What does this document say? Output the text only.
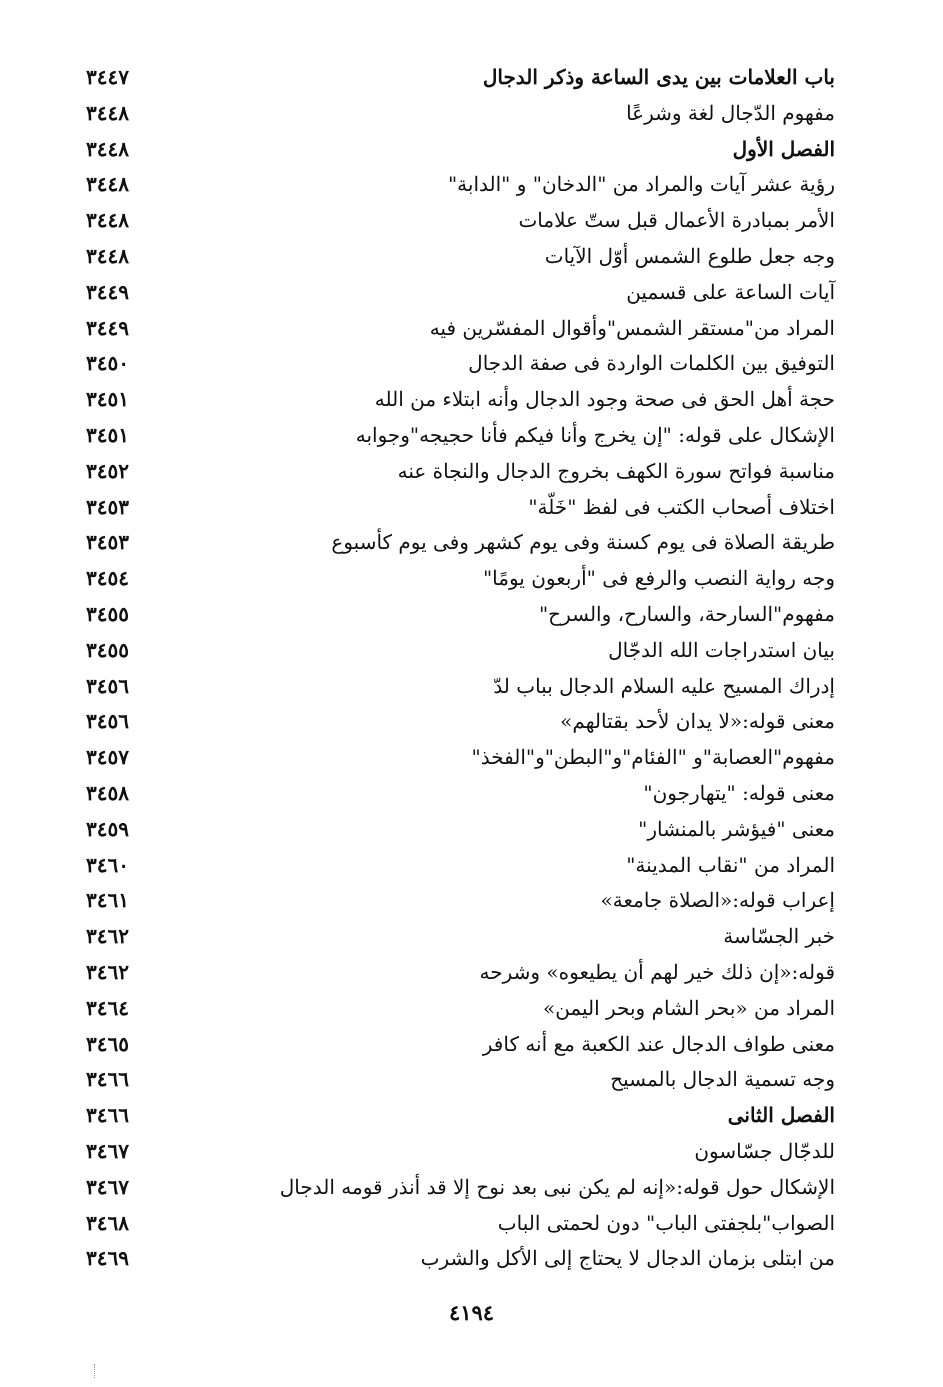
باب العلامات بين يدى الساعة وذكر الدجال
٣٤٤٧
مفهوم الدّجال لغة وشرعًا
٣٤٤٨
الفصل الأول
٣٤٤٨
رؤية عشر آيات والمراد من "الدخان" و "الدابة"
٣٤٤٨
الأمر بمبادرة الأعمال قبل ستّ علامات
٣٤٤٨
وجه جعل طلوع الشمس أوّل الآيات
٣٤٤٨
آيات الساعة على قسمين
٣٤٤٩
المراد من"مستقر الشمس"وأقوال المفسّرين فيه
٣٤٤٩
التوفيق بين الكلمات الواردة فى صفة الدجال
٣٤٥٠
حجة أهل الحق فى صحة وجود الدجال وأنه ابتلاء من الله
٣٤٥١
الإشكال على قوله: "إن يخرج وأنا فيكم فأنا حجيجه"وجوابه
٣٤٥١
مناسبة فواتح سورة الكهف بخروج الدجال والنجاة عنه
٣٤٥٢
اختلاف أصحاب الكتب فى لفظ "خَلّة"
٣٤٥٣
طريقة الصلاة فى يوم كسنة وفى يوم كشهر وفى يوم كأسبوع
٣٤٥٣
وجه رواية النصب والرفع فى "أربعون يومًا"
٣٤٥٤
مفهوم"السارحة، والسارح، والسرح"
٣٤٥٥
بيان استدراجات الله الدجّال
٣٤٥٥
إدراك المسيح عليه السلام الدجال بباب لدّ
٣٤٥٦
معنى قوله:«لا يدان لأحد بقتالهم»
٣٤٥٦
مفهوم"العصابة"و "الفئام"و"البطن"و"الفخذ"
٣٤٥٧
معنى قوله: "يتهارجون"
٣٤٥٨
معنى "فيؤشر بالمنشار"
٣٤٥٩
المراد من "نقاب المدينة"
٣٤٦٠
إعراب قوله:«الصلاة جامعة»
٣٤٦١
خبر الجسّاسة
٣٤٦٢
قوله:«إن ذلك خير لهم أن يطيعوه» وشرحه
٣٤٦٢
المراد من «بحر الشام وبحر اليمن»
٣٤٦٤
معنى طواف الدجال عند الكعبة مع أنه كافر
٣٤٦٥
وجه تسمية الدجال بالمسيح
٣٤٦٦
الفصل الثانى
٣٤٦٦
للدجّال جسّاسون
٣٤٦٧
الإشكال حول قوله:«إنه لم يكن نبى بعد نوح إلا قد أنذر قومه الدجال
٣٤٦٧
الصواب"بلجفتى الباب" دون لحمتى الباب
٣٤٦٨
من ابتلى بزمان الدجال لا يحتاج إلى الأكل والشرب
٣٤٦٩
٤١٩٤
